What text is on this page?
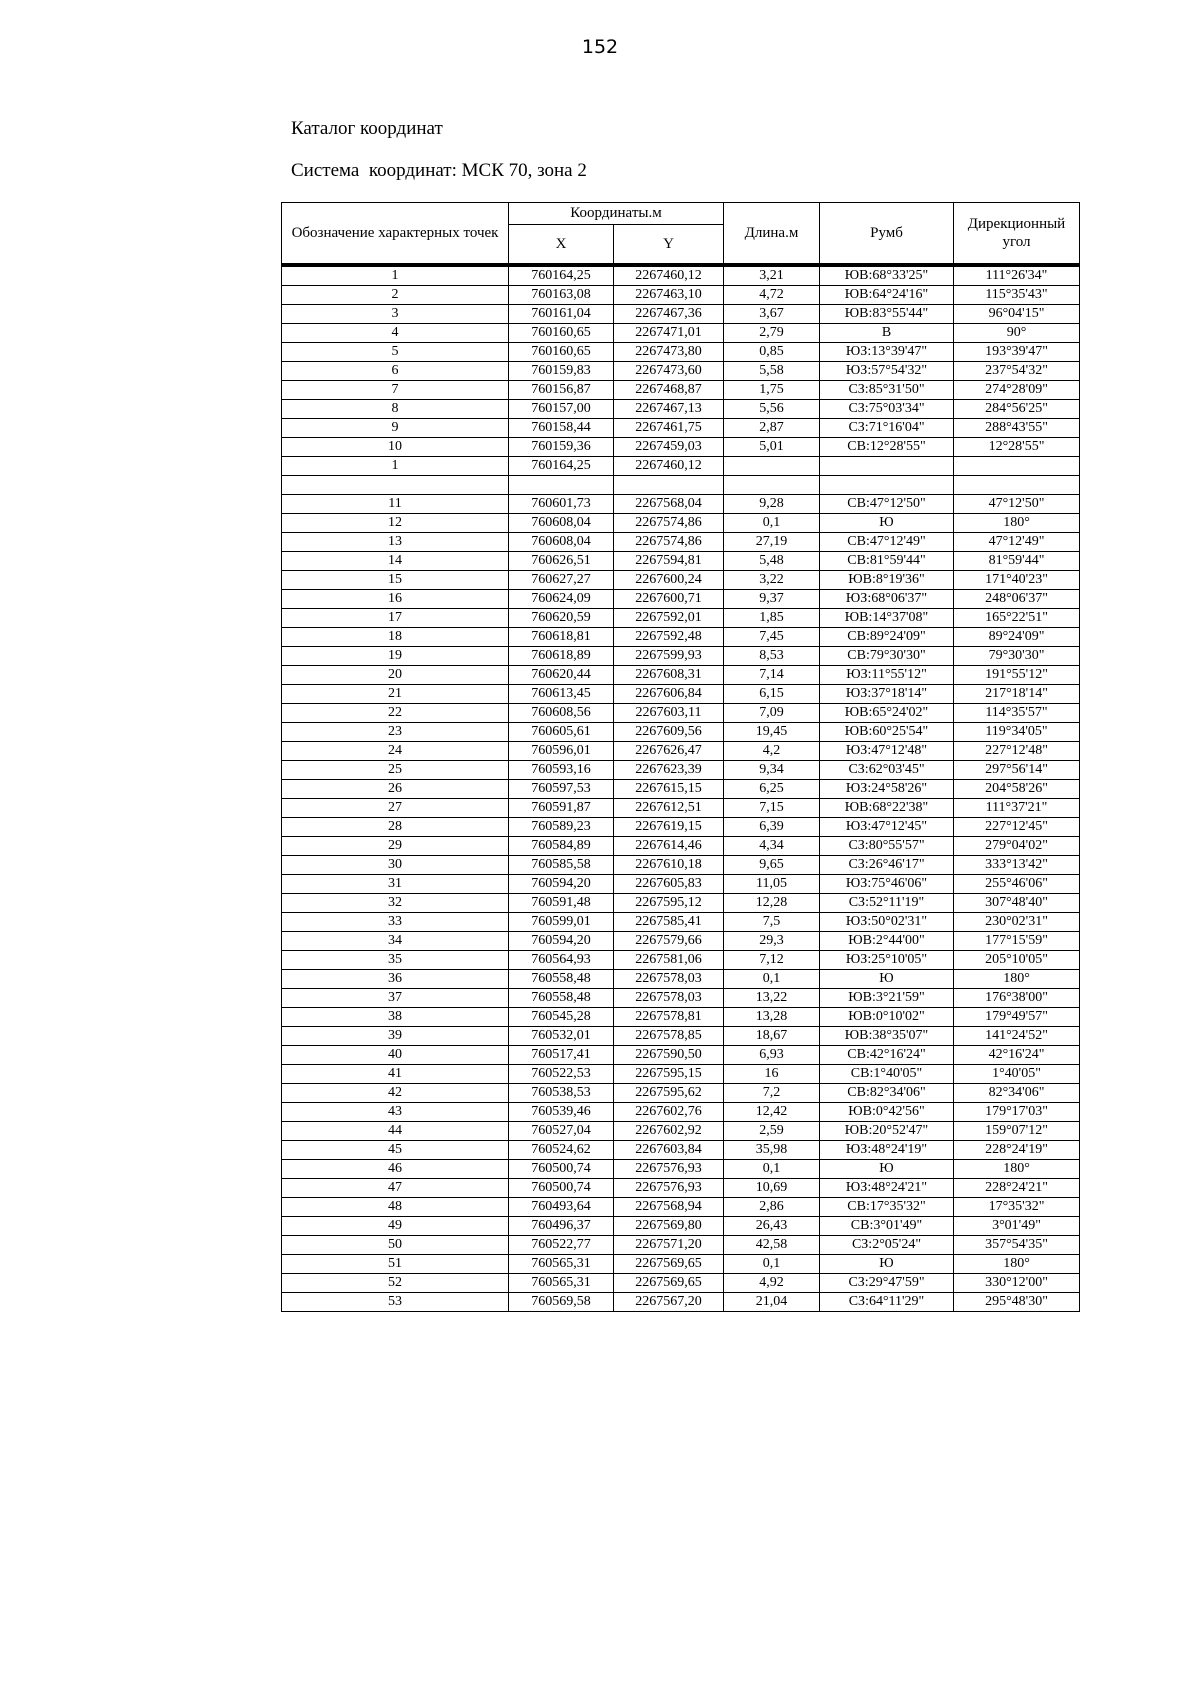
152
Каталог координат
Система  координат: МСК 70, зона 2
Обозначение характерных точек	Координаты.м		Длина.м	Румб	Дирекционный угол
	X	Y			

1	760164,25	2267460,12	3,21	ЮВ:68°33'25"	111°26'34"
2	760163,08	2267463,10	4,72	ЮВ:64°24'16"	115°35'43"
3	760161,04	2267467,36	3,67	ЮВ:83°55'44"	96°04'15"
4	760160,65	2267471,01	2,79	В	90°
5	760160,65	2267473,80	0,85	ЮЗ:13°39'47"	193°39'47"
6	760159,83	2267473,60	5,58	ЮЗ:57°54'32"	237°54'32"
7	760156,87	2267468,87	1,75	СЗ:85°31'50"	274°28'09"
8	760157,00	2267467,13	5,56	СЗ:75°03'34"	284°56'25"
9	760158,44	2267461,75	2,87	СЗ:71°16'04"	288°43'55"
10	760159,36	2267459,03	5,01	СВ:12°28'55"	12°28'55"
1	760164,25	2267460,12			

11	760601,73	2267568,04	9,28	СВ:47°12'50"	47°12'50"
12	760608,04	2267574,86	0,1	Ю	180°
13	760608,04	2267574,86	27,19	СВ:47°12'49"	47°12'49"
14	760626,51	2267594,81	5,48	СВ:81°59'44"	81°59'44"
15	760627,27	2267600,24	3,22	ЮВ:8°19'36"	171°40'23"
16	760624,09	2267600,71	9,37	ЮЗ:68°06'37"	248°06'37"
17	760620,59	2267592,01	1,85	ЮВ:14°37'08"	165°22'51"
18	760618,81	2267592,48	7,45	СВ:89°24'09"	89°24'09"
19	760618,89	2267599,93	8,53	СВ:79°30'30"	79°30'30"
20	760620,44	2267608,31	7,14	ЮЗ:11°55'12"	191°55'12"
21	760613,45	2267606,84	6,15	ЮЗ:37°18'14"	217°18'14"
22	760608,56	2267603,11	7,09	ЮВ:65°24'02"	114°35'57"
23	760605,61	2267609,56	19,45	ЮВ:60°25'54"	119°34'05"
24	760596,01	2267626,47	4,2	ЮЗ:47°12'48"	227°12'48"
25	760593,16	2267623,39	9,34	СЗ:62°03'45"	297°56'14"
26	760597,53	2267615,15	6,25	ЮЗ:24°58'26"	204°58'26"
27	760591,87	2267612,51	7,15	ЮВ:68°22'38"	111°37'21"
28	760589,23	2267619,15	6,39	ЮЗ:47°12'45"	227°12'45"
29	760584,89	2267614,46	4,34	СЗ:80°55'57"	279°04'02"
30	760585,58	2267610,18	9,65	СЗ:26°46'17"	333°13'42"
31	760594,20	2267605,83	11,05	ЮЗ:75°46'06"	255°46'06"
32	760591,48	2267595,12	12,28	СЗ:52°11'19"	307°48'40"
33	760599,01	2267585,41	7,5	ЮЗ:50°02'31"	230°02'31"
34	760594,20	2267579,66	29,3	ЮВ:2°44'00"	177°15'59"
35	760564,93	2267581,06	7,12	ЮЗ:25°10'05"	205°10'05"
36	760558,48	2267578,03	0,1	Ю	180°
37	760558,48	2267578,03	13,22	ЮВ:3°21'59"	176°38'00"
38	760545,28	2267578,81	13,28	ЮВ:0°10'02"	179°49'57"
39	760532,01	2267578,85	18,67	ЮВ:38°35'07"	141°24'52"
40	760517,41	2267590,50	6,93	СВ:42°16'24"	42°16'24"
41	760522,53	2267595,15	16	СВ:1°40'05"	1°40'05"
42	760538,53	2267595,62	7,2	СВ:82°34'06"	82°34'06"
43	760539,46	2267602,76	12,42	ЮВ:0°42'56"	179°17'03"
44	760527,04	2267602,92	2,59	ЮВ:20°52'47"	159°07'12"
45	760524,62	2267603,84	35,98	ЮЗ:48°24'19"	228°24'19"
46	760500,74	2267576,93	0,1	Ю	180°
47	760500,74	2267576,93	10,69	ЮЗ:48°24'21"	228°24'21"
48	760493,64	2267568,94	2,86	СВ:17°35'32"	17°35'32"
49	760496,37	2267569,80	26,43	СВ:3°01'49"	3°01'49"
50	760522,77	2267571,20	42,58	СЗ:2°05'24"	357°54'35"
51	760565,31	2267569,65	0,1	Ю	180°
52	760565,31	2267569,65	4,92	СЗ:29°47'59"	330°12'00"
53	760569,58	2267567,20	21,04	СЗ:64°11'29"	295°48'30"
